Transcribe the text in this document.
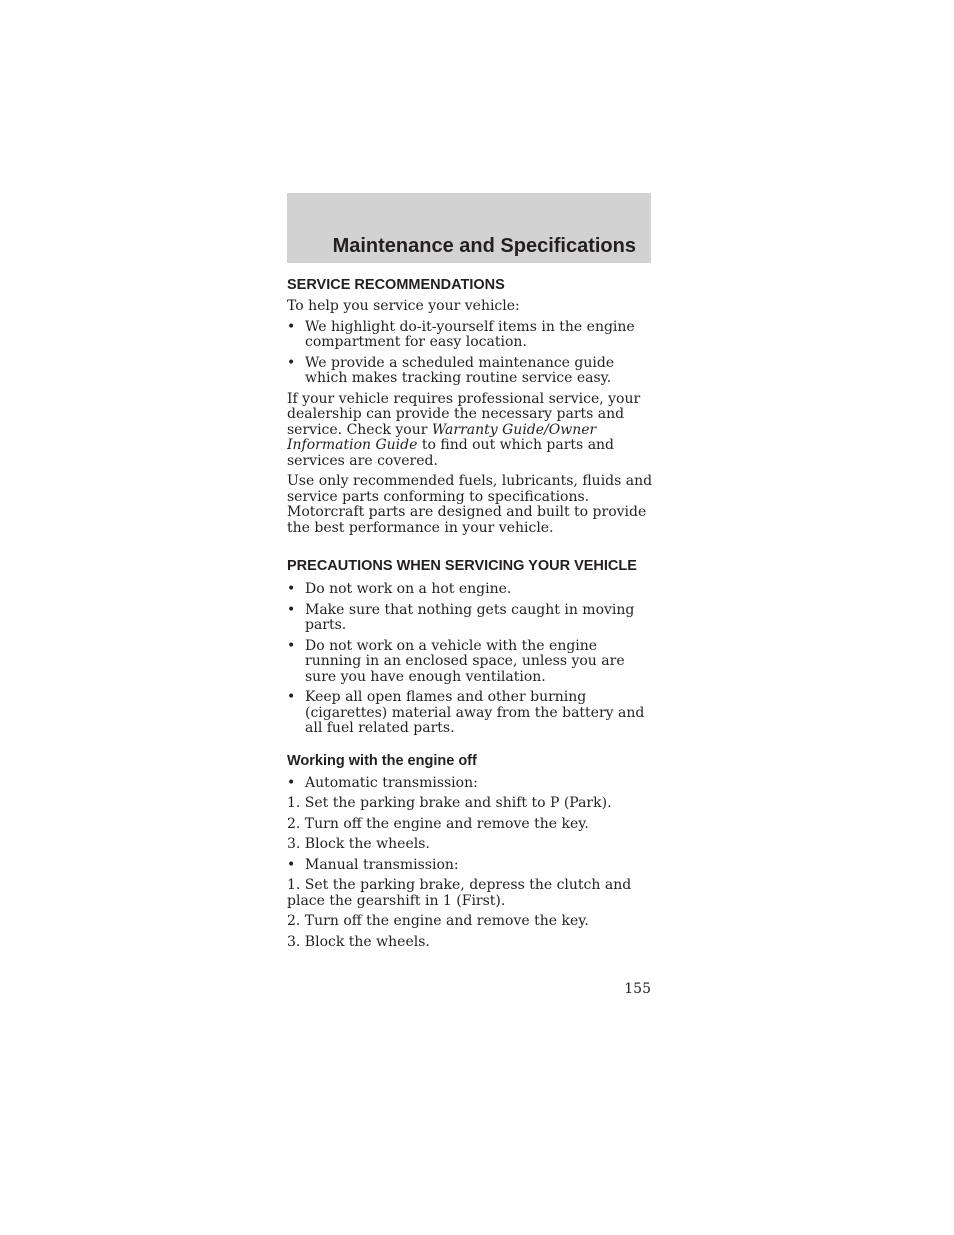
Maintenance and Specifications
SERVICE RECOMMENDATIONS

To help you service your vehicle:

• We highlight do-it-yourself items in the engine compartment for easy location.
• We provide a scheduled maintenance guide which makes tracking routine service easy.

If your vehicle requires professional service, your dealership can provide the necessary parts and service. Check your Warranty Guide/Owner Information Guide to find out which parts and services are covered.

Use only recommended fuels, lubricants, fluids and service parts conforming to specifications. Motorcraft parts are designed and built to provide the best performance in your vehicle.

PRECAUTIONS WHEN SERVICING YOUR VEHICLE
• Do not work on a hot engine.
• Make sure that nothing gets caught in moving parts.
• Do not work on a vehicle with the engine running in an enclosed space, unless you are sure you have enough ventilation.
• Keep all open flames and other burning (cigarettes) material away from the battery and all fuel related parts.
Working with the engine off
• Automatic transmission:

1. Set the parking brake and shift to P (Park).

2. Turn off the engine and remove the key.

3. Block the wheels.

• Manual transmission:

1. Set the parking brake, depress the clutch and place the gearshift in 1 (First).

2. Turn off the engine and remove the key.

3. Block the wheels.

155
